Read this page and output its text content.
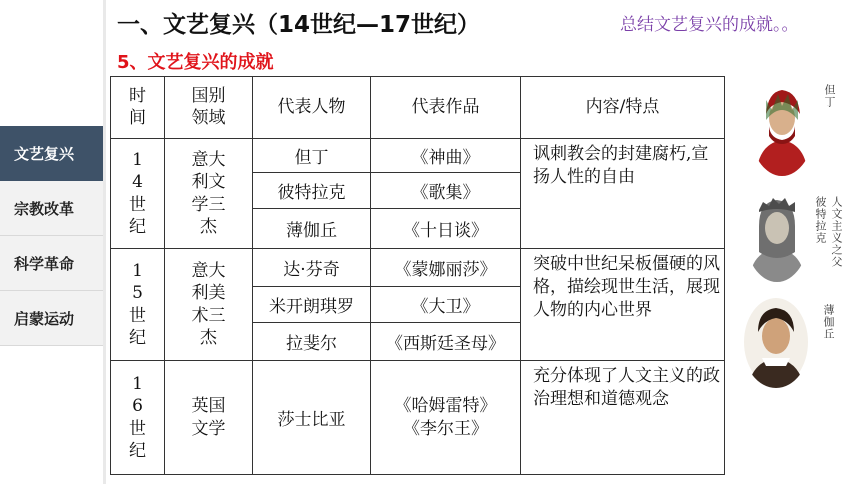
文艺复兴
宗教改革
科学革命
启蒙运动
一、文艺复兴（14世纪—17世纪）	总结文艺复兴的成就。。
5、文艺复兴的成就
时间	国别领域	代表人物	代表作品	内容/特点
14世纪	意大利文学三杰	但丁	《神曲》	讽刺教会的封建腐朽,宣扬人性的自由
		彼特拉克	《歌集》	
		薄伽丘	《十日谈》	
15世纪	意大利美术三杰	达·芬奇	《蒙娜丽莎》	突破中世纪呆板僵硬的风格，描绘现世生活，展现人物的内心世界
		米开朗琪罗	《大卫》	
		拉斐尔	《西斯廷圣母》	
16世纪	英国文学	莎士比亚	《哈姆雷特》《李尔王》	充分体现了人文主义的政治理想和道德观念
但丁
人文主义之父
彼特拉克
薄伽丘
